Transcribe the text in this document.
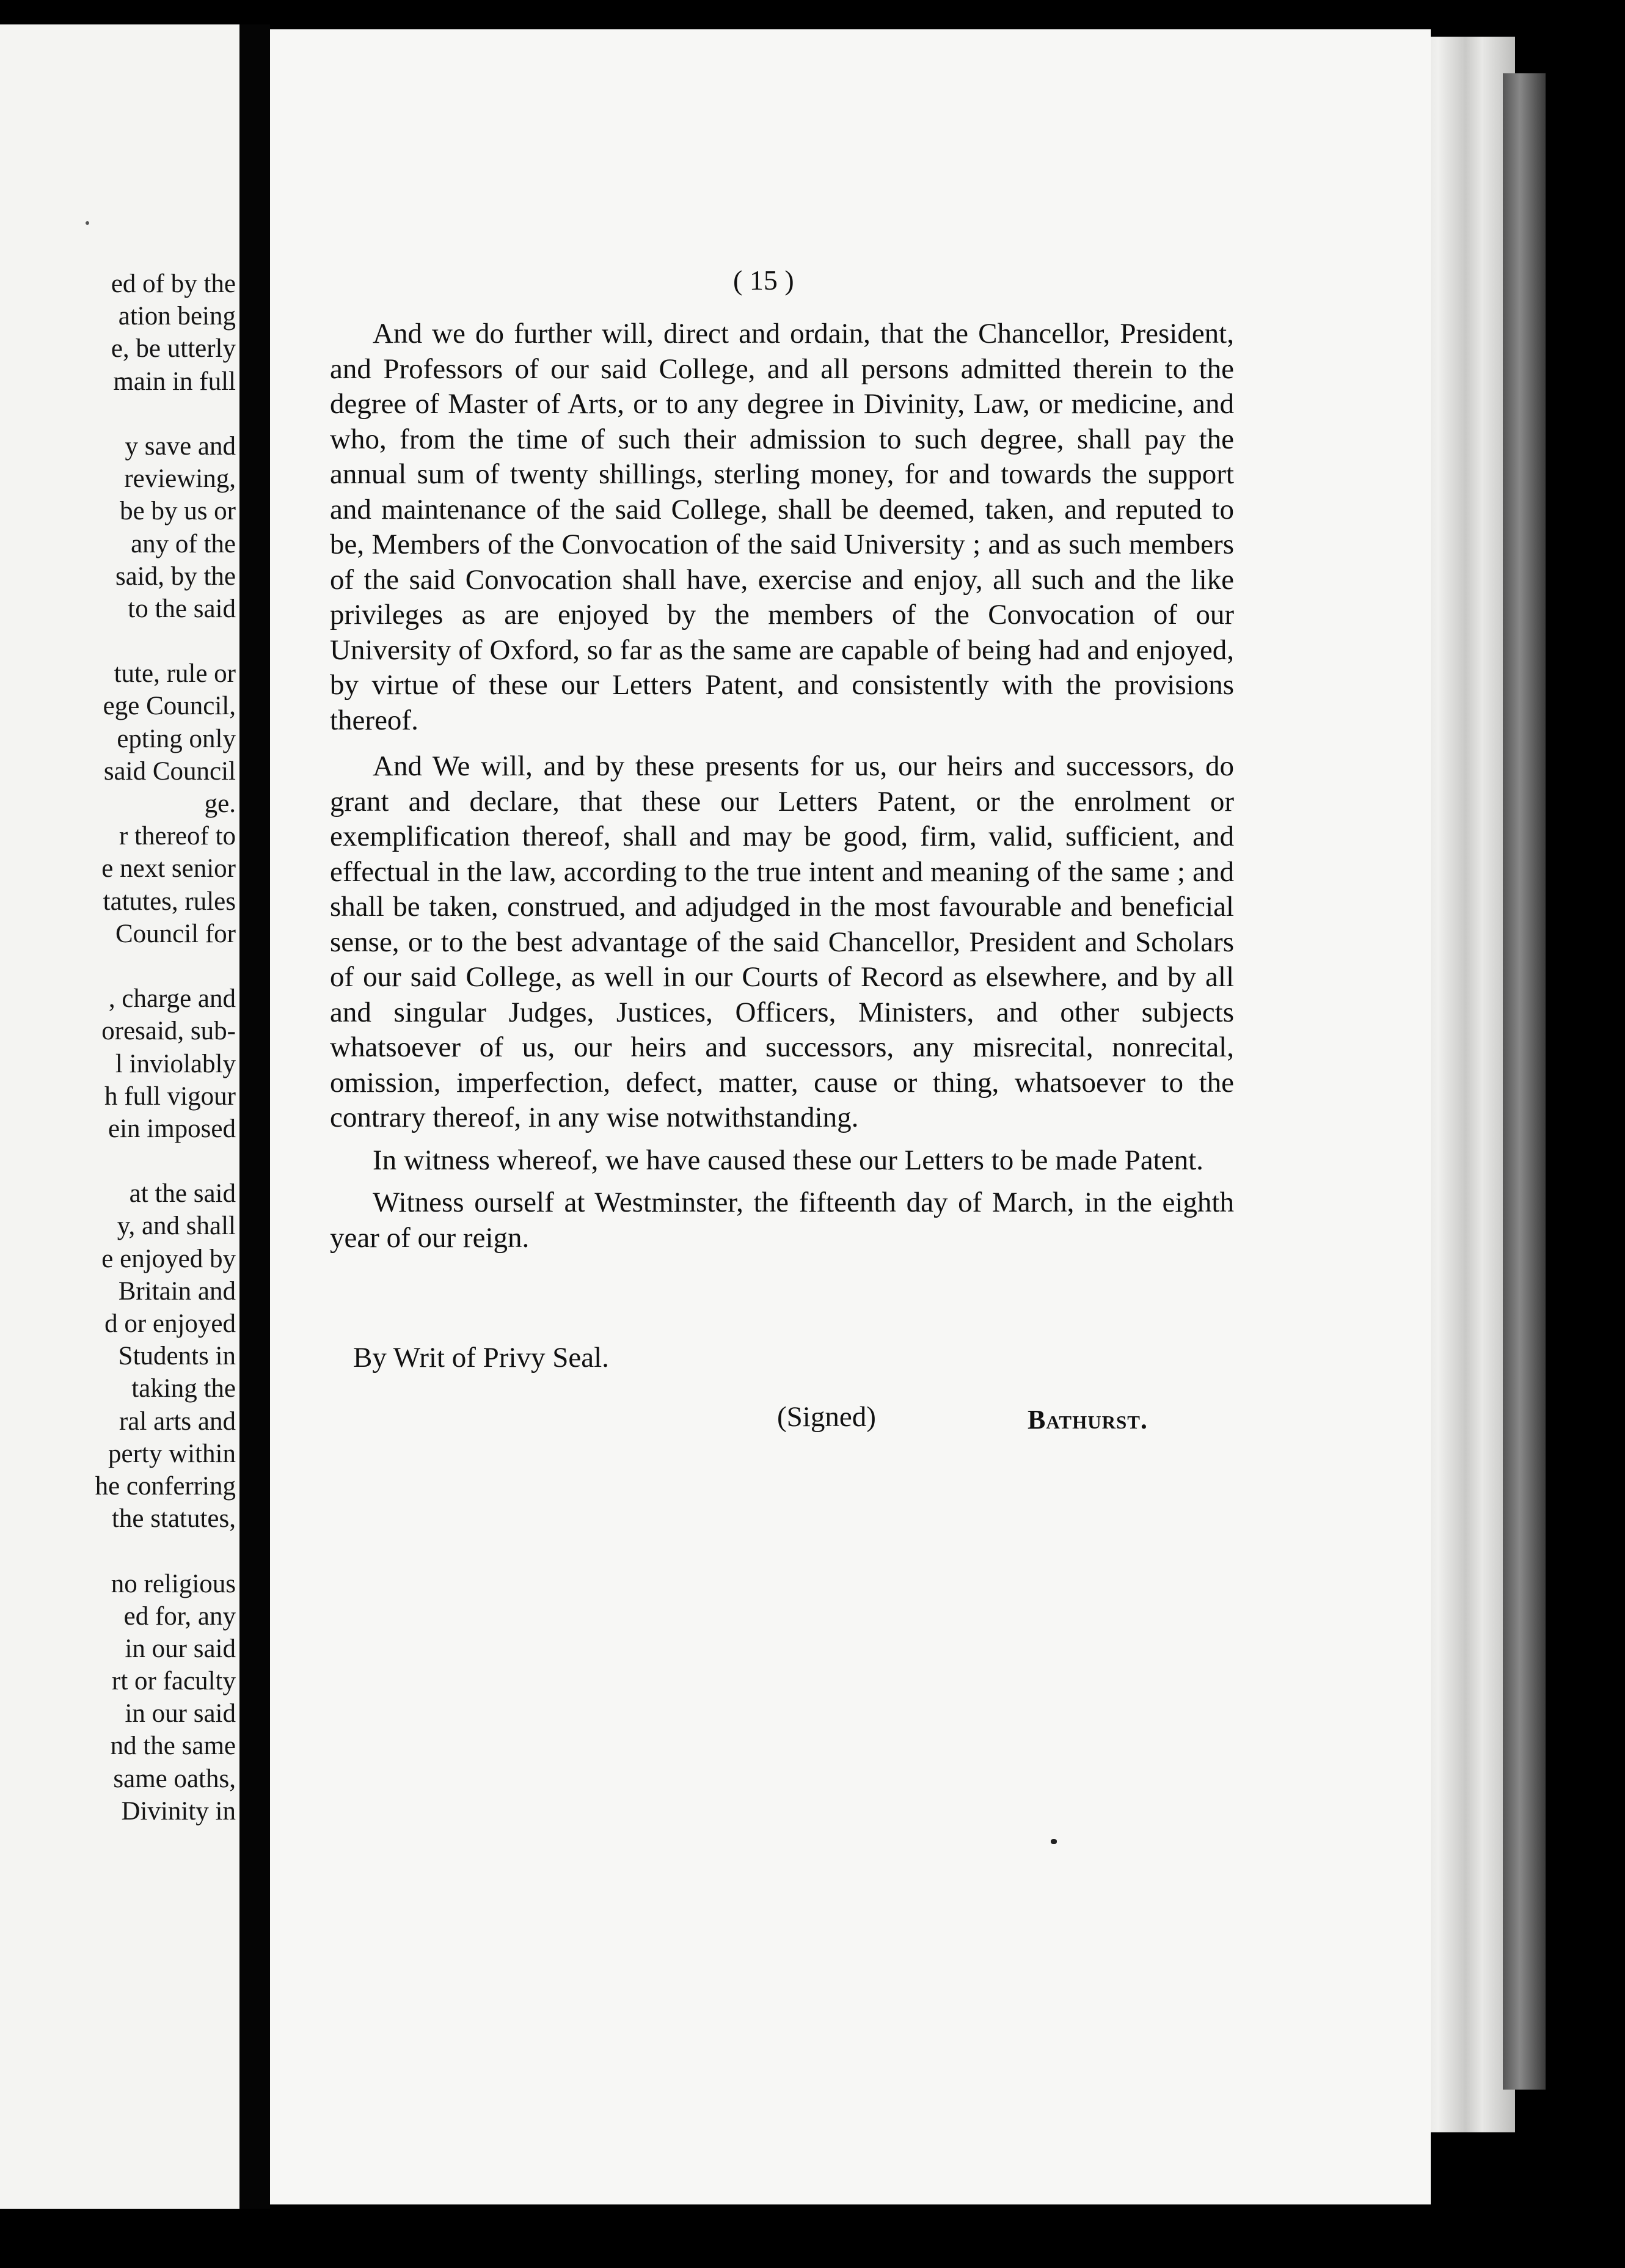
ed of by the
ation being
e, be utterly
main in full
y save and
reviewing,
be by us or
any of the
said, by the
to the said
tute, rule or
ege Council,
epting only
said Council
ge.
r thereof to
e next senior
tatutes, rules
Council for
, charge and
oresaid, sub-
l inviolably
h full vigour
ein imposed
at the said
y, and shall
e enjoyed by
Britain and
d or enjoyed
Students in
taking the
ral arts and
perty within
he conferring
the statutes,
no religious
ed for, any
in our said
rt or faculty
in our said
nd the same
same oaths,
Divinity in
( 15 )

And we do further will, direct and ordain, that the Chancellor, President, and Professors of our said College, and all persons admitted therein to the degree of Master of Arts, or to any degree in Divinity, Law, or medicine, and who, from the time of such their admission to such degree, shall pay the annual sum of twenty shillings, sterling money, for and towards the support and maintenance of the said College, shall be deemed, taken, and reputed to be, Members of the Convocation of the said University ; and as such members of the said Convocation shall have, exercise and enjoy, all such and the like privileges as are enjoyed by the members of the Convocation of our University of Oxford, so far as the same are capable of being had and enjoyed, by virtue of these our Letters Patent, and consistently with the provisions thereof.

And We will, and by these presents for us, our heirs and successors, do grant and declare, that these our Letters Patent, or the enrolment or exemplification thereof, shall and may be good, firm, valid, sufficient, and effectual in the law, according to the true intent and meaning of the same ; and shall be taken, construed, and adjudged in the most favourable and beneficial sense, or to the best advantage of the said Chancellor, President and Scholars of our said College, as well in our Courts of Record as elsewhere, and by all and singular Judges, Justices, Officers, Ministers, and other subjects whatsoever of us, our heirs and successors, any misrecital, nonrecital, omission, imperfection, defect, matter, cause or thing, whatsoever to the contrary thereof, in any wise notwithstanding.

In witness whereof, we have caused these our Letters to be made Patent.

Witness ourself at Westminster, the fifteenth day of March, in the eighth year of our reign.

By Writ of Privy Seal.
(Signed)	Bathurst.
